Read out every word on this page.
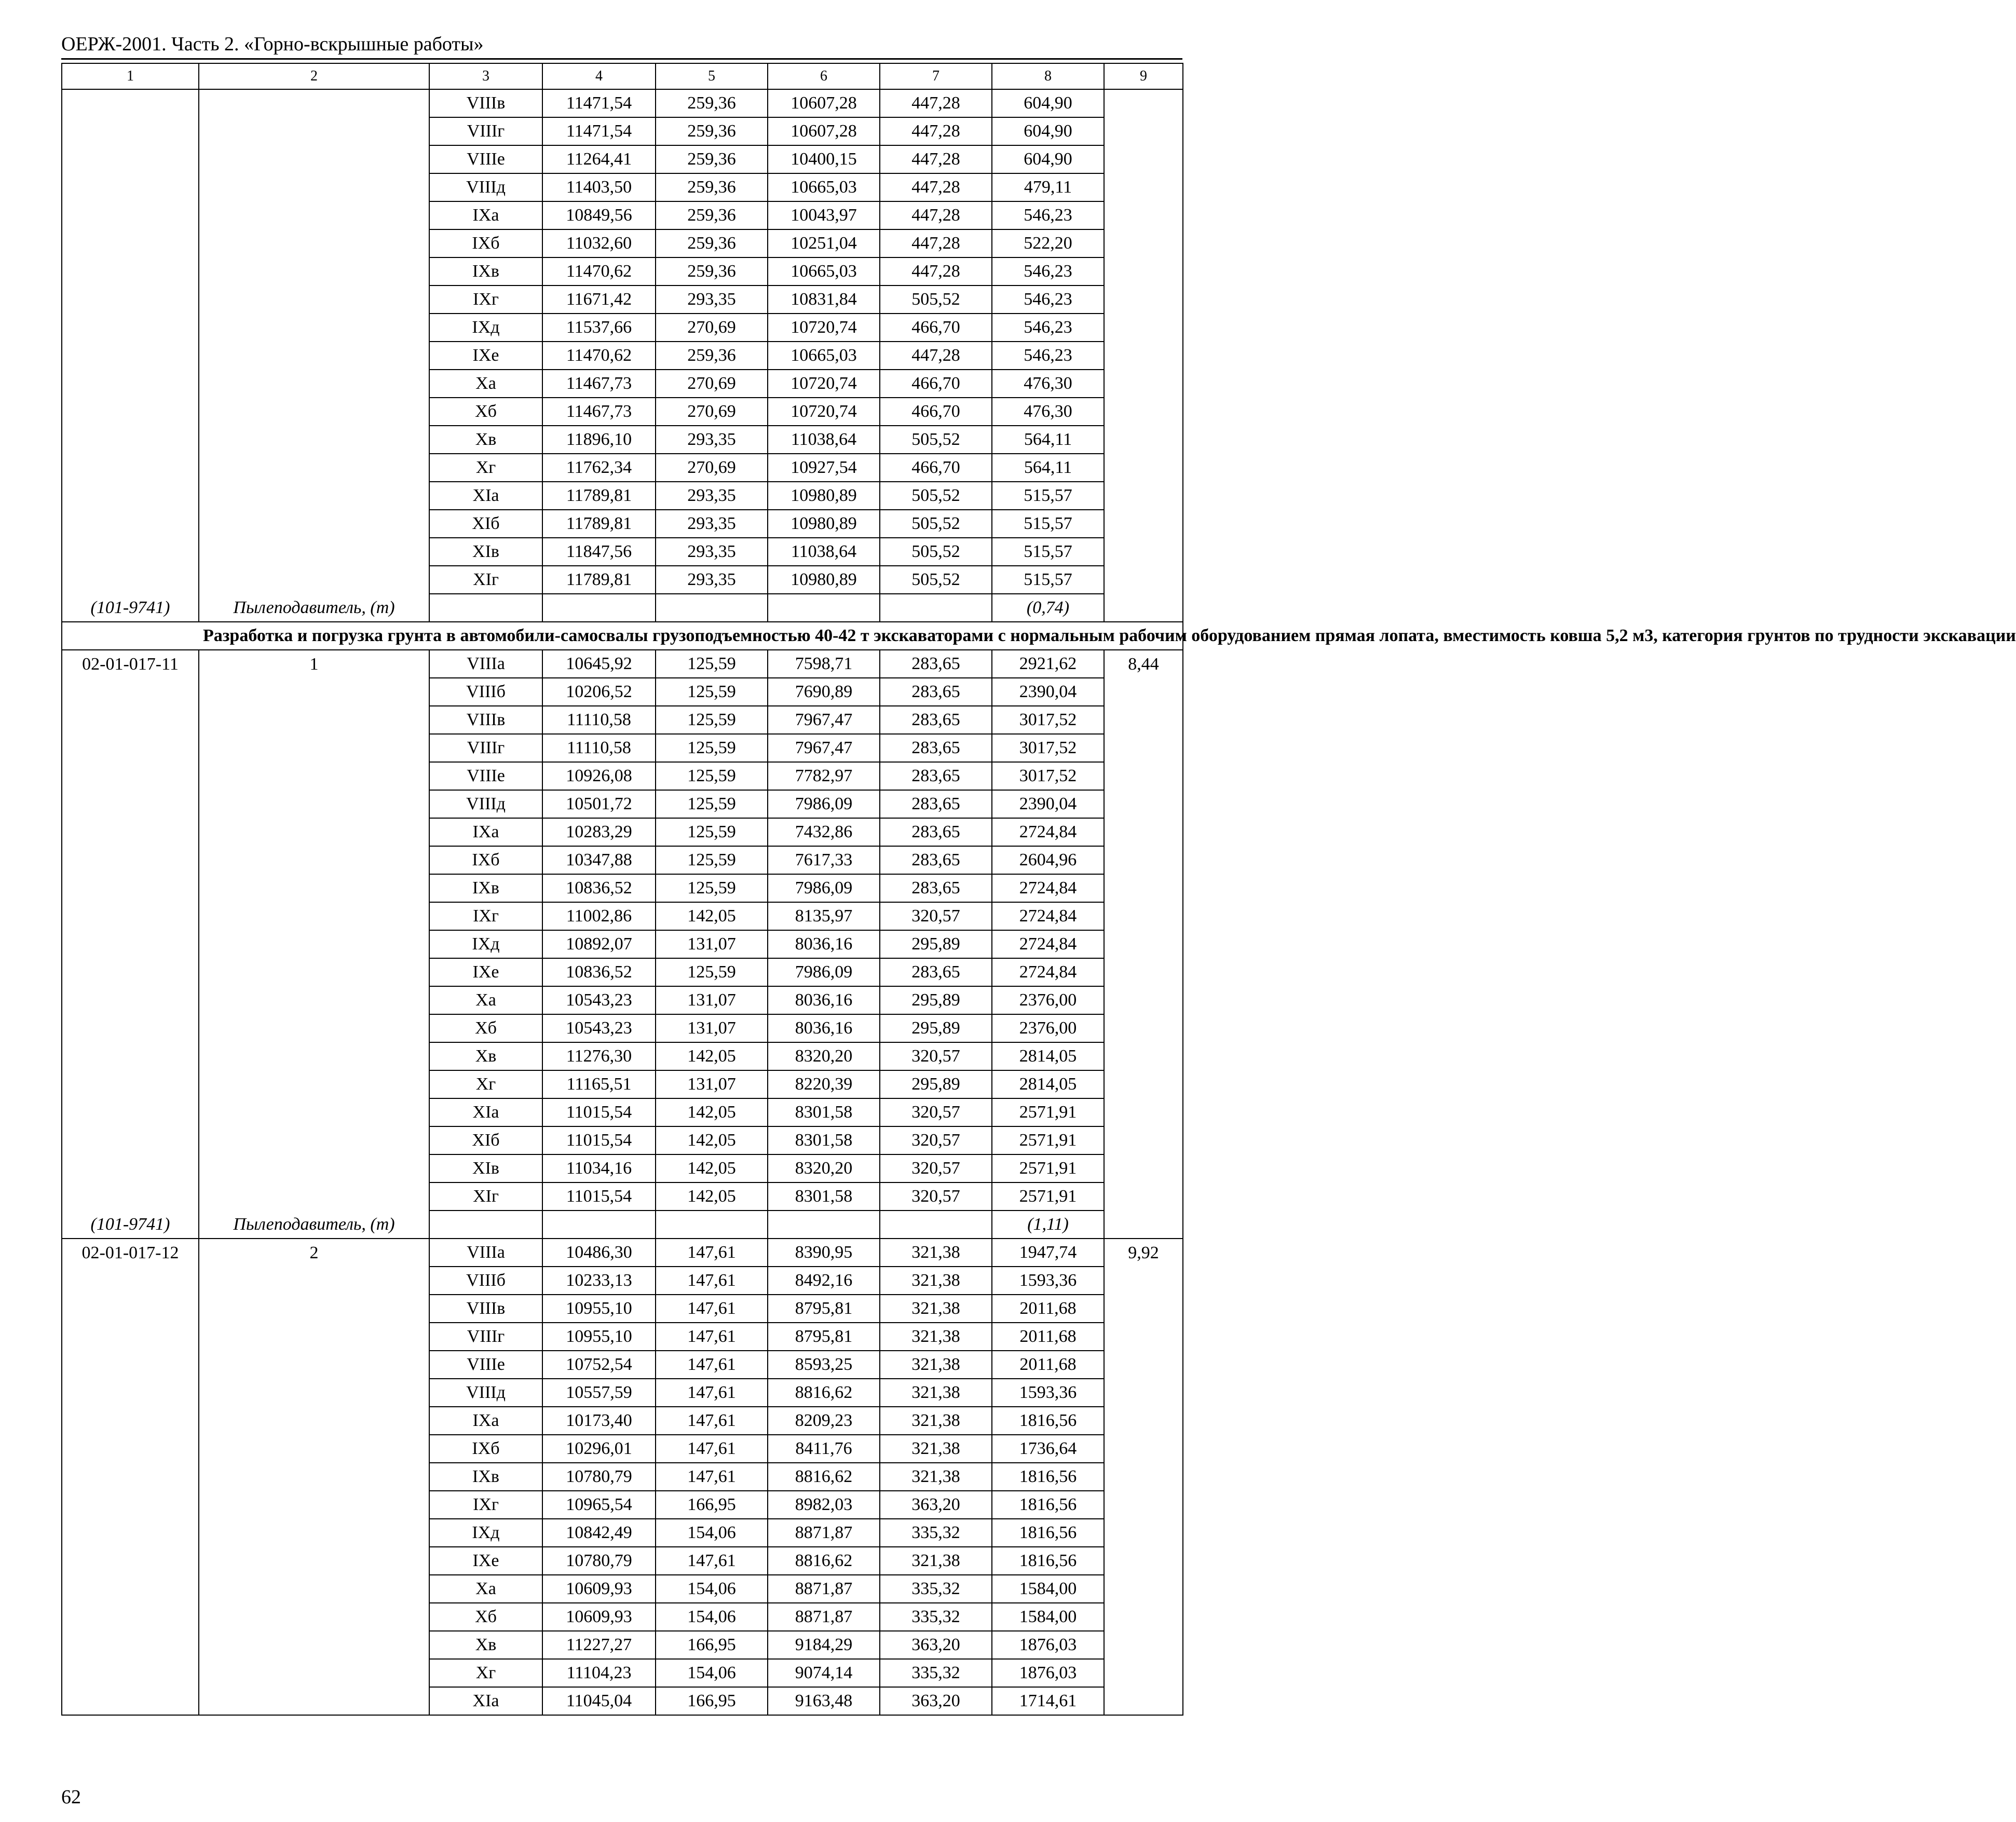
ОЕРЖ-2001. Часть 2. «Горно-вскрышные работы»
1	2	3	4	5	6	7	8	9
		VIIIв	11471,54	259,36	10607,28	447,28	604,90	
		VIIIг	11471,54	259,36	10607,28	447,28	604,90	
		VIIIе	11264,41	259,36	10400,15	447,28	604,90	
		VIIIд	11403,50	259,36	10665,03	447,28	479,11	
		IXа	10849,56	259,36	10043,97	447,28	546,23	
		IXб	11032,60	259,36	10251,04	447,28	522,20	
		IXв	11470,62	259,36	10665,03	447,28	546,23	
		IXг	11671,42	293,35	10831,84	505,52	546,23	
		IXд	11537,66	270,69	10720,74	466,70	546,23	
		IXе	11470,62	259,36	10665,03	447,28	546,23	
		Xа	11467,73	270,69	10720,74	466,70	476,30	
		Xб	11467,73	270,69	10720,74	466,70	476,30	
		Xв	11896,10	293,35	11038,64	505,52	564,11	
		Xг	11762,34	270,69	10927,54	466,70	564,11	
		XIа	11789,81	293,35	10980,89	505,52	515,57	
		XIб	11789,81	293,35	10980,89	505,52	515,57	
		XIв	11847,56	293,35	11038,64	505,52	515,57	
		XIг	11789,81	293,35	10980,89	505,52	515,57	
(101-9741)	Пылеподавитель, (т)						(0,74)	
	Разработка и погрузка грунта в автомобили-самосвалы грузоподъемностью 40-42 т экскаваторами с нормальным рабочим оборудованием прямая лопата, вместимость ковша 5,2 м3, категория грунтов по трудности экскавации							
02-01-017-11	1	VIIIа	10645,92	125,59	7598,71	283,65	2921,62	8,44
		VIIIб	10206,52	125,59	7690,89	283,65	2390,04	
		VIIIв	11110,58	125,59	7967,47	283,65	3017,52	
		VIIIг	11110,58	125,59	7967,47	283,65	3017,52	
		VIIIе	10926,08	125,59	7782,97	283,65	3017,52	
		VIIIд	10501,72	125,59	7986,09	283,65	2390,04	
		IXа	10283,29	125,59	7432,86	283,65	2724,84	
		IXб	10347,88	125,59	7617,33	283,65	2604,96	
		IXв	10836,52	125,59	7986,09	283,65	2724,84	
		IXг	11002,86	142,05	8135,97	320,57	2724,84	
		IXд	10892,07	131,07	8036,16	295,89	2724,84	
		IXе	10836,52	125,59	7986,09	283,65	2724,84	
		Xа	10543,23	131,07	8036,16	295,89	2376,00	
		Xб	10543,23	131,07	8036,16	295,89	2376,00	
		Xв	11276,30	142,05	8320,20	320,57	2814,05	
		Xг	11165,51	131,07	8220,39	295,89	2814,05	
		XIа	11015,54	142,05	8301,58	320,57	2571,91	
		XIб	11015,54	142,05	8301,58	320,57	2571,91	
		XIв	11034,16	142,05	8320,20	320,57	2571,91	
		XIг	11015,54	142,05	8301,58	320,57	2571,91	
(101-9741)	Пылеподавитель, (т)						(1,11)	
02-01-017-12	2	VIIIа	10486,30	147,61	8390,95	321,38	1947,74	9,92
		VIIIб	10233,13	147,61	8492,16	321,38	1593,36	
		VIIIв	10955,10	147,61	8795,81	321,38	2011,68	
		VIIIг	10955,10	147,61	8795,81	321,38	2011,68	
		VIIIе	10752,54	147,61	8593,25	321,38	2011,68	
		VIIIд	10557,59	147,61	8816,62	321,38	1593,36	
		IXа	10173,40	147,61	8209,23	321,38	1816,56	
		IXб	10296,01	147,61	8411,76	321,38	1736,64	
		IXв	10780,79	147,61	8816,62	321,38	1816,56	
		IXг	10965,54	166,95	8982,03	363,20	1816,56	
		IXд	10842,49	154,06	8871,87	335,32	1816,56	
		IXе	10780,79	147,61	8816,62	321,38	1816,56	
		Xа	10609,93	154,06	8871,87	335,32	1584,00	
		Xб	10609,93	154,06	8871,87	335,32	1584,00	
		Xв	11227,27	166,95	9184,29	363,20	1876,03	
		Xг	11104,23	154,06	9074,14	335,32	1876,03	
		XIа	11045,04	166,95	9163,48	363,20	1714,61	
62
